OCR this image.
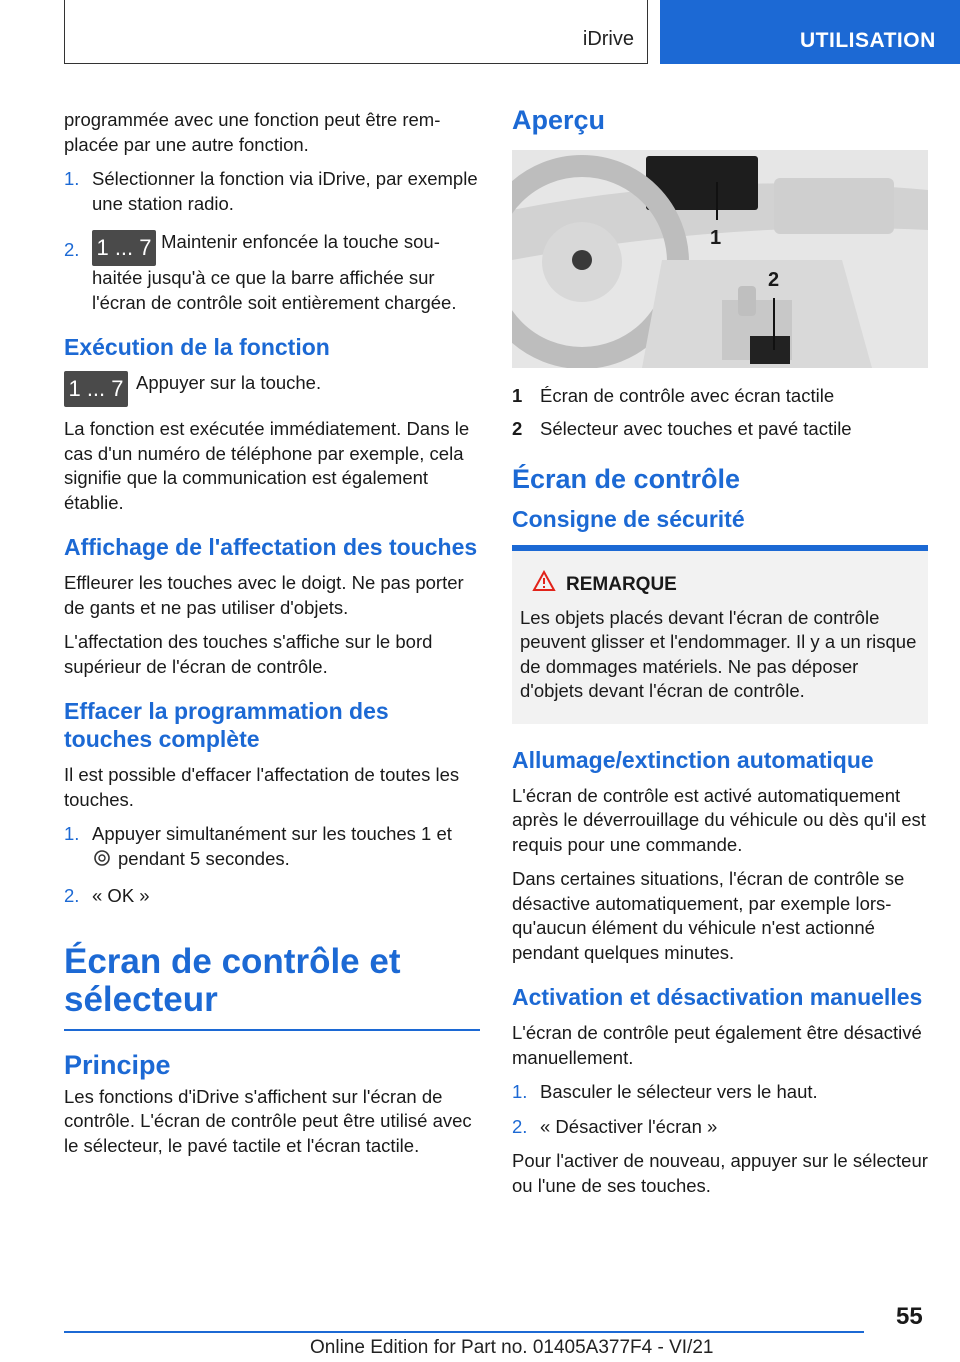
iDrive	UTILISATION

programmée avec une fonction peut être remplacée par une autre fonction.

1. Sélectionner la fonction via iDrive, par exemple une station radio.
2. 1 ... 7 Maintenir enfoncée la touche souhaitée jusqu'à ce que la barre affichée sur l'écran de contrôle soit entièrement chargée.
Exécution de la fonction

1 ... 7 Appuyer sur la touche.

La fonction est exécutée immédiatement. Dans le cas d'un numéro de téléphone par exemple, cela signifie que la communication est également établie.

Affichage de l'affectation des touches

Effleurer les touches avec le doigt. Ne pas porter de gants et ne pas utiliser d'objets.

L'affectation des touches s'affiche sur le bord supérieur de l'écran de contrôle.

Effacer la programmation des touches complète

Il est possible d'effacer l'affectation de toutes les touches.

1. Appuyer simultanément sur les touches 1 et
pendant 5 secondes.
2. « OK »
Écran de contrôle et sélecteur
Principe

Les fonctions d'iDrive s'affichent sur l'écran de contrôle. L'écran de contrôle peut être utilisé avec le sélecteur, le pavé tactile et l'écran tactile.

Aperçu
1
2
1 Écran de contrôle avec écran tactile
2 Sélecteur avec touches et pavé tactile
Écran de contrôle
Consigne de sécurité
REMARQUE
Les objets placés devant l'écran de contrôle peuvent glisser et l'endommager. Il y a un risque de dommages matériels. Ne pas déposer d'objets devant l'écran de contrôle.
Allumage/extinction automatique

L'écran de contrôle est activé automatiquement après le déverrouillage du véhicule ou dès qu'il est requis pour une commande.

Dans certaines situations, l'écran de contrôle se désactive automatiquement, par exemple lorsqu'aucun élément du véhicule n'est actionné pendant quelques minutes.

Activation et désactivation manuelles

L'écran de contrôle peut également être désactivé manuellement.

1. Basculer le sélecteur vers le haut.
2. « Désactiver l'écran »

Pour l'activer de nouveau, appuyer sur le sélecteur ou l'une de ses touches.

55
Online Edition for Part no. 01405A377F4 - VI/21
